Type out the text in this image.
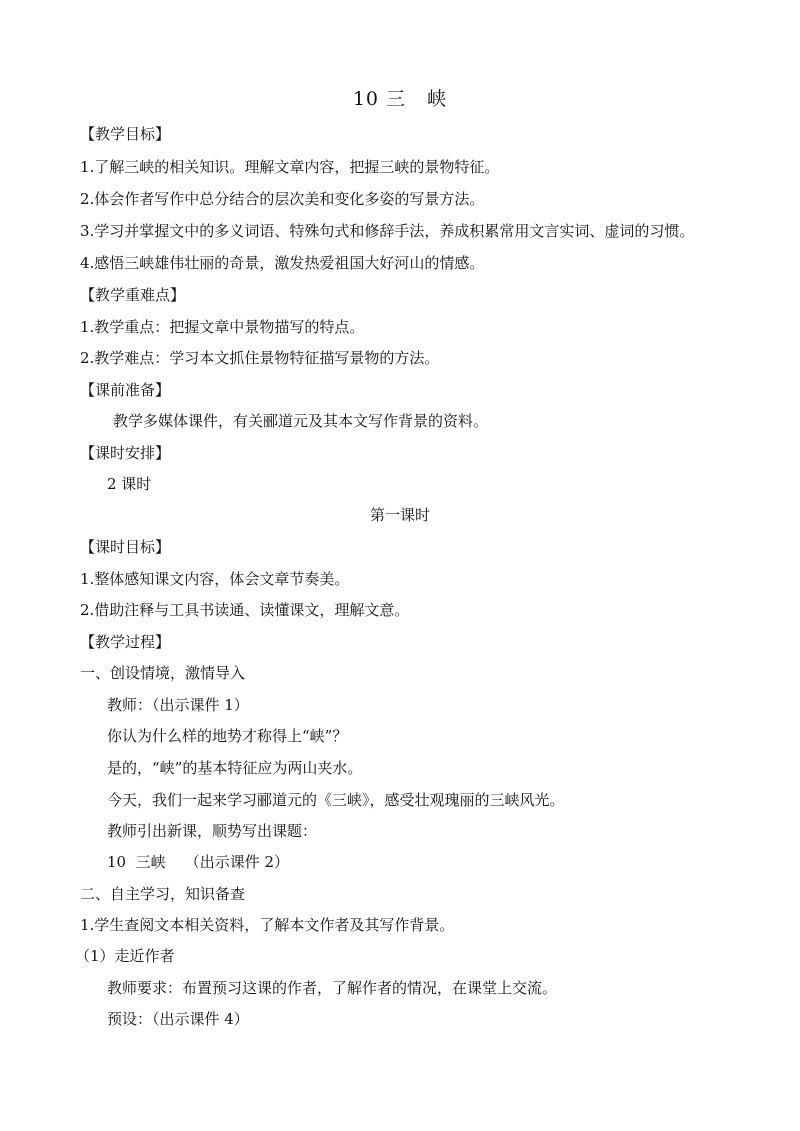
10 三   峡
【教学目标】
1.了解三峡的相关知识。理解文章内容，把握三峡的景物特征。
2.体会作者写作中总分结合的层次美和变化多姿的写景方法。
3.学习并掌握文中的多义词语、特殊句式和修辞手法，养成积累常用文言实词、虚词的习惯。
4.感悟三峡雄伟壮丽的奇景，激发热爱祖国大好河山的情感。
【教学重难点】
1.教学重点：把握文章中景物描写的特点。
2.教学难点：学习本文抓住景物特征描写景物的方法。
【课前准备】
教学多媒体课件，有关郦道元及其本文写作背景的资料。
【课时安排】
2 课时
第一课时
【课时目标】
1.整体感知课文内容，体会文章节奏美。
2.借助注释与工具书读通、读懂课文，理解文意。
【教学过程】
一、创设情境，激情导入
教师：（出示课件 1）
你认为什么样的地势才称得上“峡”？
是的，“峡”的基本特征应为两山夹水。
今天，我们一起来学习郦道元的《三峡》，感受壮观瑰丽的三峡风光。
教师引出新课，顺势写出课题：
10  三峡    （出示课件 2）
二、自主学习，知识备查
1.学生查阅文本相关资料，了解本文作者及其写作背景。
（1）走近作者
教师要求：布置预习这课的作者，了解作者的情况，在课堂上交流。
预设：（出示课件 4）
